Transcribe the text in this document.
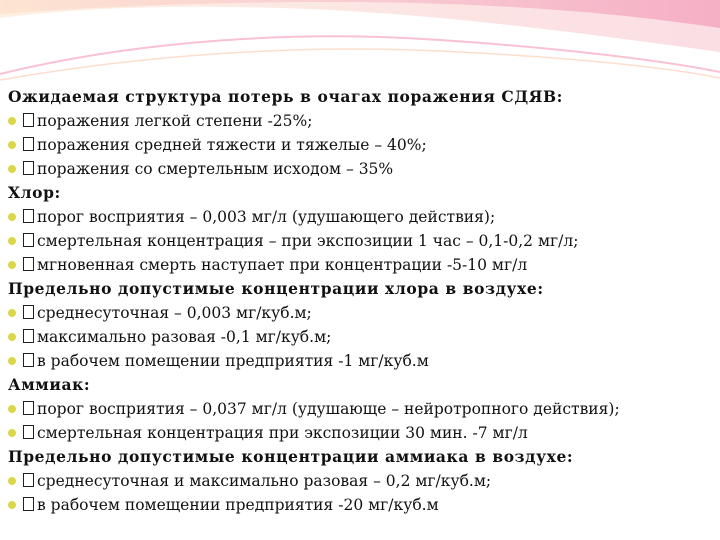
Ожидаемая структура потерь в очагах поражения СДЯВ:
поражения легкой степени -25%;
поражения средней тяжести и тяжелые – 40%;
поражения со смертельным исходом – 35%
Хлор:
порог восприятия – 0,003 мг/л (удушающего действия);
смертельная концентрация – при экспозиции 1 час – 0,1-0,2 мг/л;
мгновенная смерть наступает при концентрации -5-10 мг/л
Предельно допустимые концентрации хлора в воздухе:
среднесуточная – 0,003 мг/куб.м;
максимально разовая -0,1 мг/куб.м;
в рабочем помещении предприятия -1 мг/куб.м
Аммиак:
порог восприятия – 0,037 мг/л (удушающе – нейротропного действия);
смертельная концентрация при экспозиции 30 мин. -7 мг/л
Предельно допустимые концентрации аммиака в воздухе:
среднесуточная и максимально разовая – 0,2 мг/куб.м;
в рабочем помещении предприятия -20 мг/куб.м
